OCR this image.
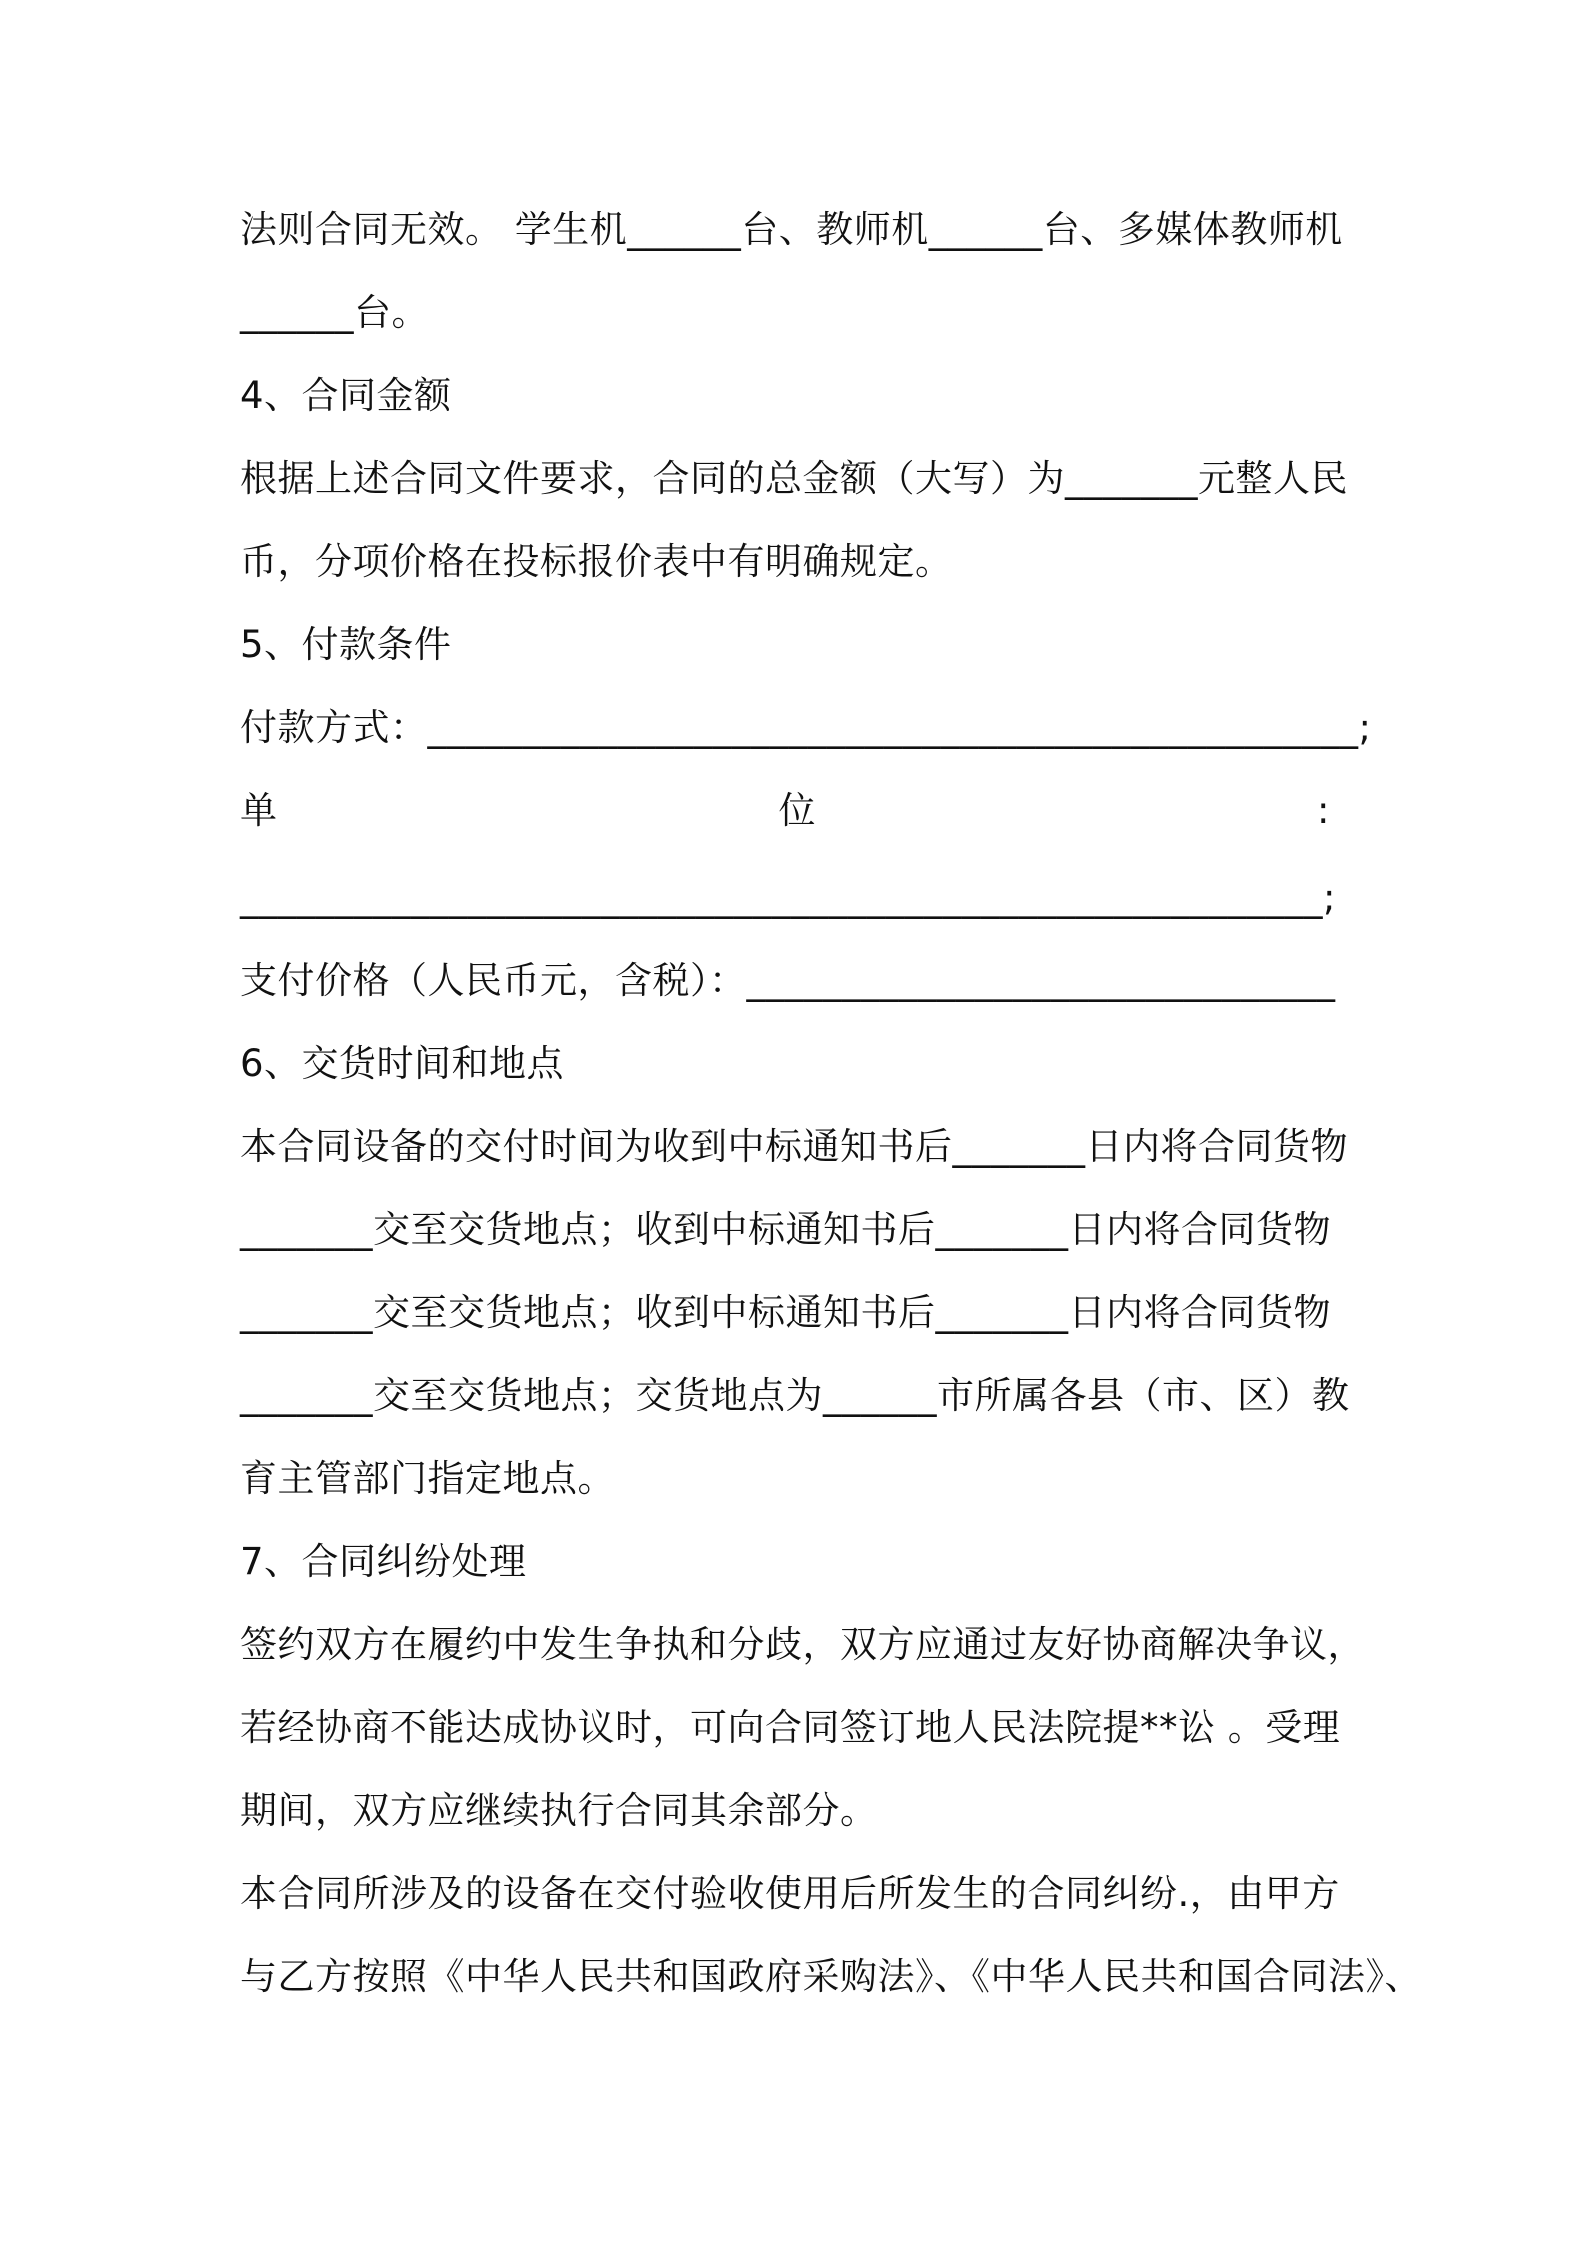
法则合同无效。 学生机______台、教师机______台、多媒体教师机
______台。
4、合同金额
根据上述合同文件要求，合同的总金额（大写）为_______元整人民
币，分项价格在投标报价表中有明确规定。
5、付款条件
付款方式：_________________________________________________;
单	位	:
_________________________________________________________;
支付价格（人民币元，含税）：_______________________________
6、交货时间和地点
本合同设备的交付时间为收到中标通知书后_______日内将合同货物
_______交至交货地点；收到中标通知书后_______日内将合同货物
_______交至交货地点；收到中标通知书后_______日内将合同货物
_______交至交货地点；交货地点为______市所属各县（市、区）教
育主管部门指定地点。
7、合同纠纷处理
签约双方在履约中发生争执和分歧，双方应通过友好协商解决争议，
若经协商不能达成协议时，可向合同签订地人民法院提**讼 。受理
期间，双方应继续执行合同其余部分。
本合同所涉及的设备在交付验收使用后所发生的合同纠纷.，由甲方
与乙方按照《中华人民共和国政府采购法》、《中华人民共和国合同法》、
